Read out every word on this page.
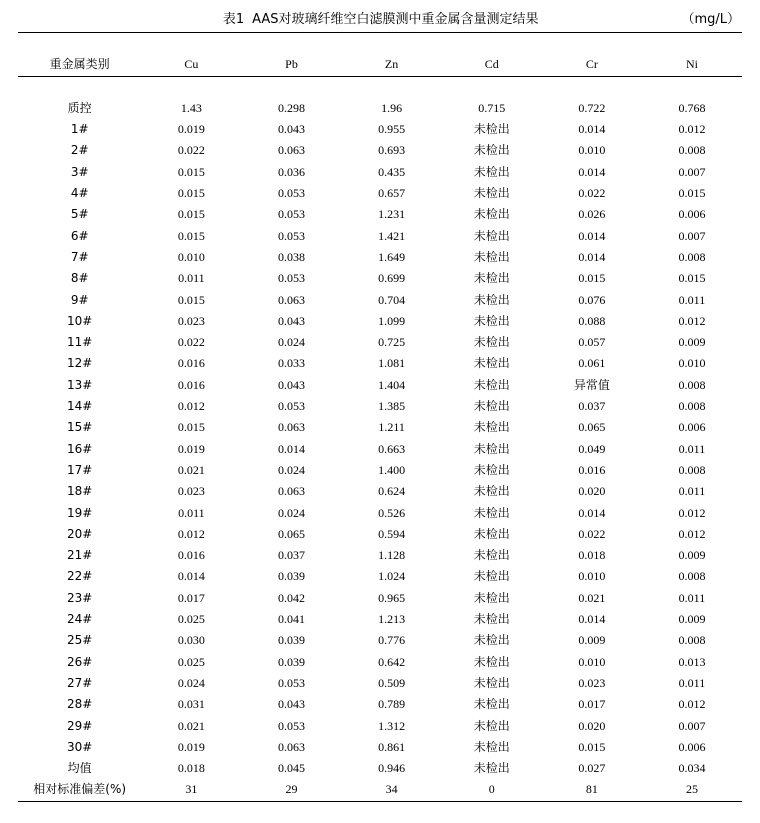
表1 AAS对玻璃纤维空白滤膜测中重金属含量测定结果	（mg/L）

重金属类别	Cu	Pb	Zn	Cd	Cr	Ni

质控	1.43	0.298	1.96	0.715	0.722	0.768
1#	0.019	0.043	0.955	未检出	0.014	0.012
2#	0.022	0.063	0.693	未检出	0.010	0.008
3#	0.015	0.036	0.435	未检出	0.014	0.007
4#	0.015	0.053	0.657	未检出	0.022	0.015
5#	0.015	0.053	1.231	未检出	0.026	0.006
6#	0.015	0.053	1.421	未检出	0.014	0.007
7#	0.010	0.038	1.649	未检出	0.014	0.008
8#	0.011	0.053	0.699	未检出	0.015	0.015
9#	0.015	0.063	0.704	未检出	0.076	0.011
10#	0.023	0.043	1.099	未检出	0.088	0.012
11#	0.022	0.024	0.725	未检出	0.057	0.009
12#	0.016	0.033	1.081	未检出	0.061	0.010
13#	0.016	0.043	1.404	未检出	异常值	0.008
14#	0.012	0.053	1.385	未检出	0.037	0.008
15#	0.015	0.063	1.211	未检出	0.065	0.006
16#	0.019	0.014	0.663	未检出	0.049	0.011
17#	0.021	0.024	1.400	未检出	0.016	0.008
18#	0.023	0.063	0.624	未检出	0.020	0.011
19#	0.011	0.024	0.526	未检出	0.014	0.012
20#	0.012	0.065	0.594	未检出	0.022	0.012
21#	0.016	0.037	1.128	未检出	0.018	0.009
22#	0.014	0.039	1.024	未检出	0.010	0.008
23#	0.017	0.042	0.965	未检出	0.021	0.011
24#	0.025	0.041	1.213	未检出	0.014	0.009
25#	0.030	0.039	0.776	未检出	0.009	0.008
26#	0.025	0.039	0.642	未检出	0.010	0.013
27#	0.024	0.053	0.509	未检出	0.023	0.011
28#	0.031	0.043	0.789	未检出	0.017	0.012
29#	0.021	0.053	1.312	未检出	0.020	0.007
30#	0.019	0.063	0.861	未检出	0.015	0.006
均值	0.018	0.045	0.946	未检出	0.027	0.034
相对标准偏差(%)	31	29	34	0	81	25
